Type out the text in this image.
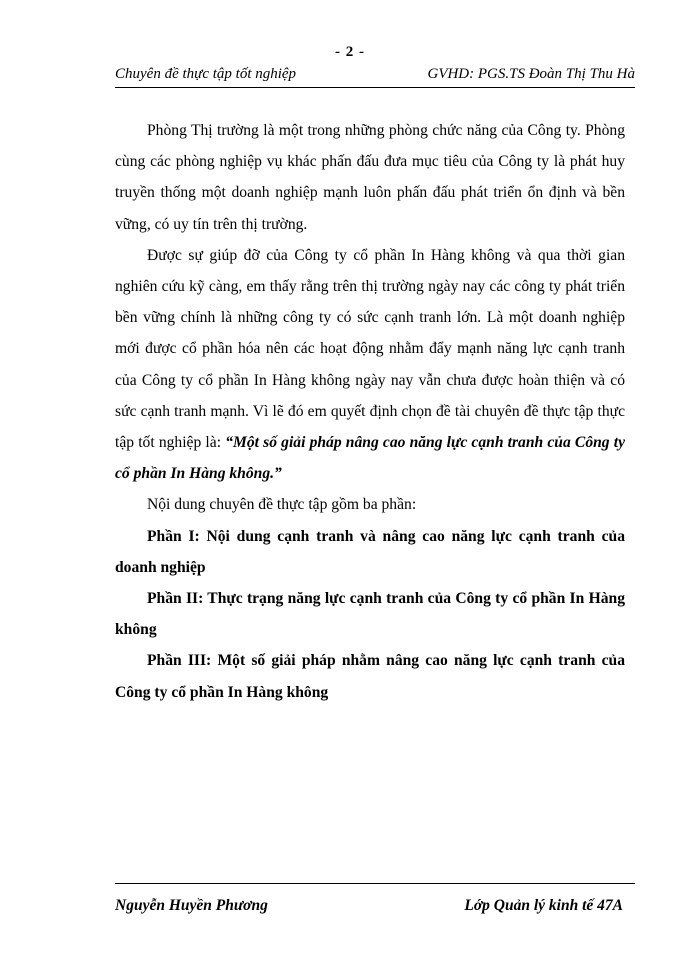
- 2 -
Chuyên đề thực tập tốt nghiệp	GVHD: PGS.TS Đoàn Thị Thu Hà

Phòng Thị trường là một trong những phòng chức năng của Công ty. Phòng cùng các phòng nghiệp vụ khác phấn đấu đưa mục tiêu của Công ty là phát huy truyền thống một doanh nghiệp mạnh luôn phấn đấu phát triển ổn định và bền vững, có uy tín trên thị trường.

Được sự giúp đỡ của Công ty cổ phần In Hàng không và qua thời gian nghiên cứu kỹ càng, em thấy rằng trên thị trường ngày nay các công ty phát triển bền vững chính là những công ty có sức cạnh tranh lớn. Là một doanh nghiệp mới được cổ phần hóa nên các hoạt động nhằm đẩy mạnh năng lực cạnh tranh của Công ty cổ phần In Hàng không ngày nay vẫn chưa được hoàn thiện và có sức cạnh tranh mạnh. Vì lẽ đó em quyết định chọn đề tài chuyên đề thực tập thực tập tốt nghiệp là: “Một số giải pháp nâng cao năng lực cạnh tranh của Công ty cổ phần In Hàng không.”

Nội dung chuyên đề thực tập gồm ba phần:

Phần I: Nội dung cạnh tranh và nâng cao năng lực cạnh tranh của doanh nghiệp

Phần II: Thực trạng năng lực cạnh tranh của Công ty cổ phần In Hàng không

Phần III: Một số giải pháp nhằm nâng cao năng lực cạnh tranh của Công ty cổ phần In Hàng không

Nguyễn Huyền Phương	Lớp Quản lý kinh tế 47A
